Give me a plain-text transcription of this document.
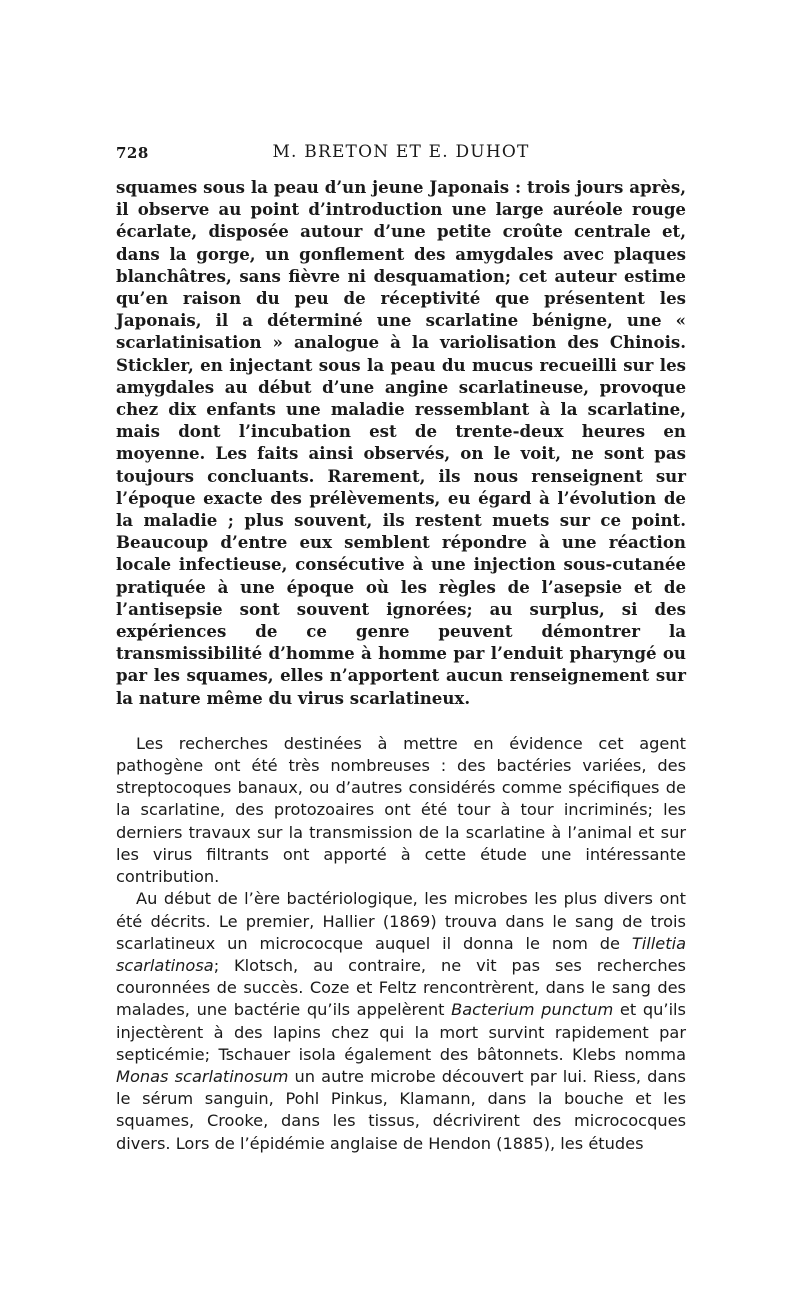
728	M. BRETON ET E. DUHOT

squames sous la peau d’un jeune Japonais : trois jours après, il observe au point d’introduction une large auréole rouge écarlate, disposée autour d’une petite croûte centrale et, dans la gorge, un gonflement des amygdales avec plaques blanchâtres, sans fièvre ni desquamation; cet auteur estime qu’en raison du peu de réceptivité que présentent les Japonais, il a déterminé une scarlatine bénigne, une « scarlatinisation » analogue à la variolisation des Chinois. Stickler, en injectant sous la peau du mucus recueilli sur les amygdales au début d’une angine scarlatineuse, provoque chez dix enfants une maladie ressemblant à la scarlatine, mais dont l’incubation est de trente-deux heures en moyenne. Les faits ainsi observés, on le voit, ne sont pas toujours concluants. Rarement, ils nous renseignent sur l’époque exacte des prélèvements, eu égard à l’évolution de la maladie ; plus souvent, ils restent muets sur ce point. Beaucoup d’entre eux semblent répondre à une réaction locale infectieuse, consécutive à une injection sous-cutanée pratiquée à une époque où les règles de l’asepsie et de l’antisepsie sont souvent ignorées; au surplus, si des expériences de ce genre peuvent démontrer la transmissibilité d’homme à homme par l’enduit pharyngé ou par les squames, elles n’apportent aucun renseignement sur la nature même du virus scarlatineux.

Les recherches destinées à mettre en évidence cet agent pathogène ont été très nombreuses : des bactéries variées, des streptocoques banaux, ou d’autres considérés comme spécifiques de la scarlatine, des protozoaires ont été tour à tour incriminés; les derniers travaux sur la transmission de la scarlatine à l’animal et sur les virus filtrants ont apporté à cette étude une intéressante contribution.

Au début de l’ère bactériologique, les microbes les plus divers ont été décrits. Le premier, Hallier (1869) trouva dans le sang de trois scarlatineux un micrococque auquel il donna le nom de Tilletia scarlatinosa; Klotsch, au contraire, ne vit pas ses recherches couronnées de succès. Coze et Feltz rencontrèrent, dans le sang des malades, une bactérie qu’ils appelèrent Bacterium punctum et qu’ils injectèrent à des lapins chez qui la mort survint rapidement par septicémie; Tschauer isola également des bâtonnets. Klebs nomma Monas scarlatinosum un autre microbe découvert par lui. Riess, dans le sérum sanguin, Pohl Pinkus, Klamann, dans la bouche et les squames, Crooke, dans les tissus, décrivirent des micrococques divers. Lors de l’épidémie anglaise de Hendon (1885), les études
